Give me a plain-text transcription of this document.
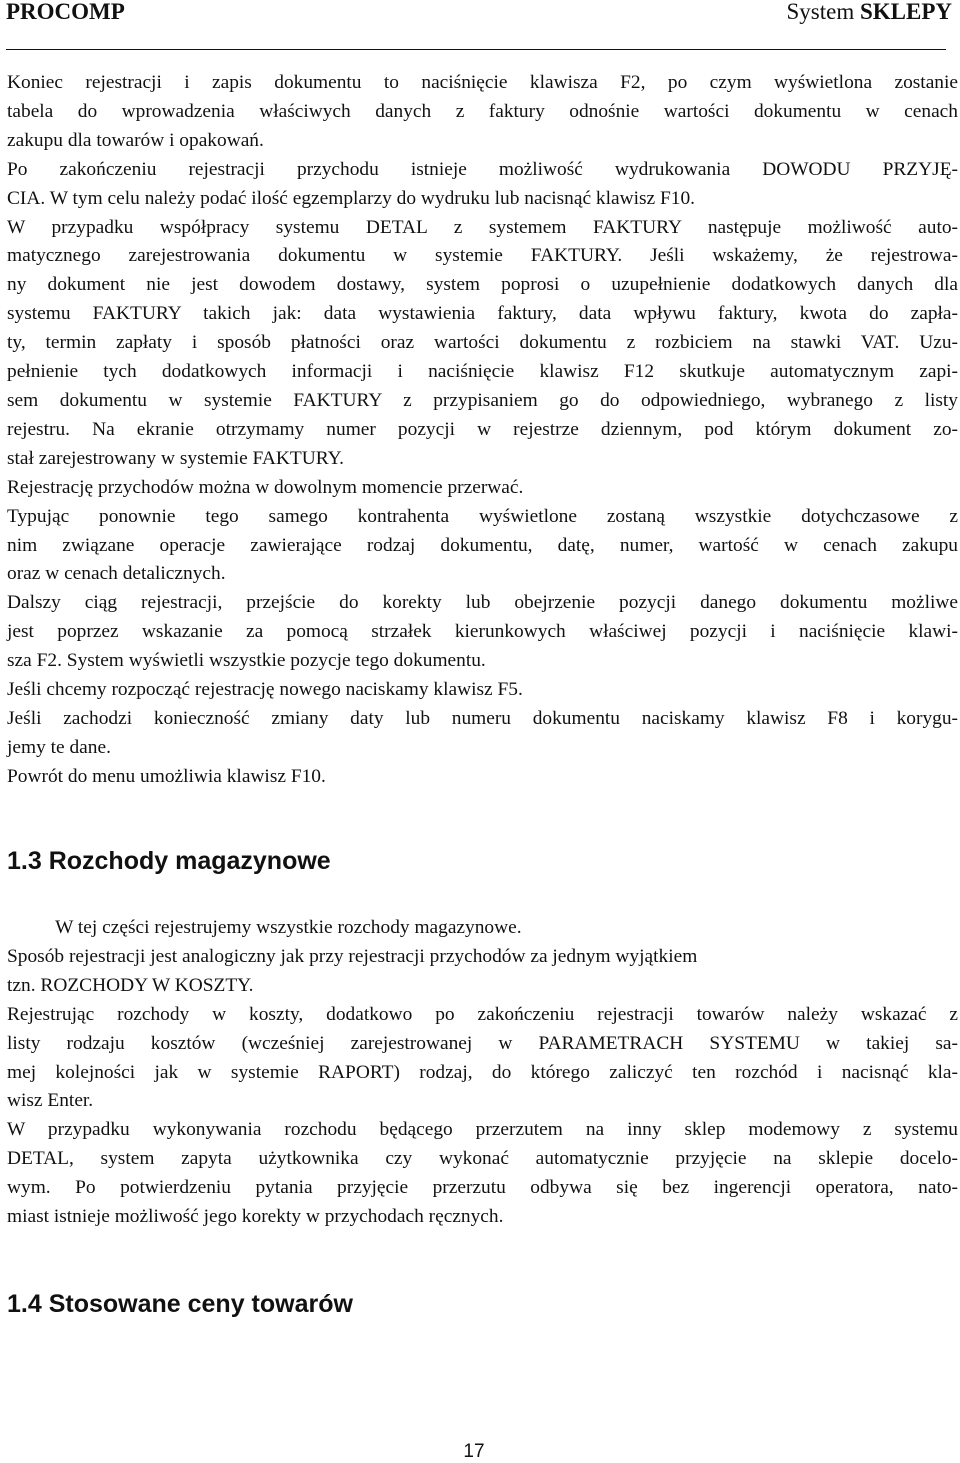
PROCOMP	System SKLEPY
Koniec rejestracji i zapis dokumentu to naciśnięcie klawisza F2, po czym wyświetlona zostanie
tabela do wprowadzenia właściwych danych z faktury odnośnie wartości dokumentu w cenach
zakupu dla towarów i opakowań.
Po zakończeniu rejestracji przychodu istnieje możliwość wydrukowania DOWODU PRZYJĘ-
CIA. W tym celu należy podać ilość egzemplarzy do wydruku lub nacisnąć klawisz F10.
W przypadku współpracy systemu DETAL z systemem FAKTURY następuje możliwość auto-
matycznego zarejestrowania dokumentu w systemie FAKTURY. Jeśli wskażemy, że rejestrowa-
ny dokument nie jest dowodem dostawy, system poprosi o uzupełnienie dodatkowych danych dla
systemu FAKTURY takich jak: data wystawienia faktury, data wpływu faktury, kwota do zapła-
ty, termin zapłaty i sposób płatności oraz wartości dokumentu z rozbiciem na stawki VAT. Uzu-
pełnienie tych dodatkowych informacji i naciśnięcie klawisz F12 skutkuje automatycznym zapi-
sem dokumentu w systemie FAKTURY z przypisaniem go do odpowiedniego, wybranego z listy
rejestru. Na ekranie otrzymamy numer pozycji w rejestrze dziennym, pod którym dokument zo-
stał zarejestrowany w systemie FAKTURY.
Rejestrację przychodów można w dowolnym momencie przerwać.
Typując ponownie tego samego kontrahenta wyświetlone zostaną wszystkie dotychczasowe z
nim związane operacje zawierające rodzaj dokumentu, datę, numer, wartość w cenach zakupu
oraz w cenach detalicznych.
Dalszy ciąg rejestracji, przejście do korekty lub obejrzenie pozycji danego dokumentu możliwe
jest poprzez wskazanie za pomocą strzałek kierunkowych właściwej pozycji i naciśnięcie klawi-
sza F2. System wyświetli wszystkie pozycje tego dokumentu.
Jeśli chcemy rozpocząć rejestrację nowego naciskamy klawisz F5.
Jeśli zachodzi konieczność zmiany daty lub numeru dokumentu naciskamy klawisz F8 i korygu-
jemy te dane.
Powrót do menu umożliwia klawisz F10.
1.3 Rozchody magazynowe
W tej części rejestrujemy wszystkie rozchody magazynowe.
Sposób rejestracji jest analogiczny jak przy rejestracji przychodów za jednym wyjątkiem
tzn. ROZCHODY W KOSZTY.
Rejestrując rozchody w koszty, dodatkowo po zakończeniu rejestracji towarów należy wskazać z
listy rodzaju kosztów (wcześniej zarejestrowanej w PARAMETRACH SYSTEMU w takiej sa-
mej kolejności jak w systemie RAPORT) rodzaj, do którego zaliczyć ten rozchód i nacisnąć kla-
wisz Enter.
W przypadku wykonywania rozchodu będącego przerzutem na inny sklep modemowy z systemu
DETAL, system zapyta użytkownika czy wykonać automatycznie przyjęcie na sklepie docelo-
wym. Po potwierdzeniu pytania przyjęcie przerzutu odbywa się bez ingerencji operatora, nato-
miast istnieje możliwość jego korekty w przychodach ręcznych.
1.4 Stosowane ceny towarów
17
